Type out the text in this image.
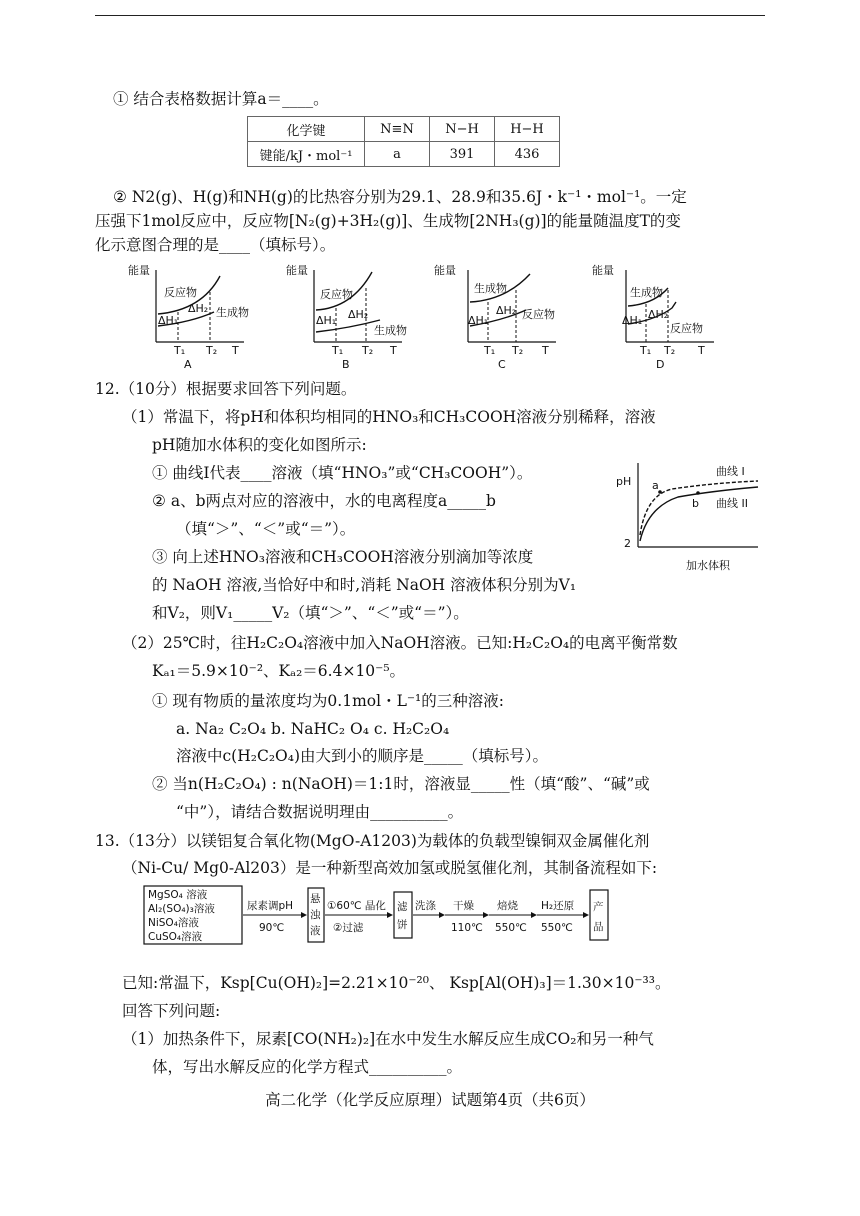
① 结合表格数据计算a＝____。
化学键	N≡N	N−H	H−H
键能/kJ・mol⁻¹	a	391	436
② N2(g)、H(g)和NH(g)的比热容分别为29.1、28.9和35.6J・k⁻¹・mol⁻¹。一定
压强下1mol反应中，反应物[N₂(g)+3H₂(g)]、生成物[2NH₃(g)]的能量随温度T的变
化示意图合理的是____（填标号）。
能量
反应物
生成物
ΔH₁
ΔH₂
T₁ T₂ T
A
能量
反应物
生成物
ΔH₁ ΔH₂
T₁ T₂ T
B
能量
生成物
反应物
ΔH₁
ΔH₂
T₁ T₂ T
C
能量
生成物
反应物
ΔH₁ ΔH₂
T₁ T₂ T
D
12.（10分）根据要求回答下列问题。
（1）常温下，将pH和体积均相同的HNO₃和CH₃COOH溶液分别稀释，溶液
pH随加水体积的变化如图所示:
① 曲线I代表____溶液（填“HNO₃”或“CH₃COOH”）。
② a、b两点对应的溶液中，水的电离程度a_____b
（填“＞”、“＜”或“＝”）。
③ 向上述HNO₃溶液和CH₃COOH溶液分别滴加等浓度
的 NaOH 溶液,当恰好中和时,消耗 NaOH 溶液体积分别为V₁
和V₂，则V₁_____V₂（填“＞”、“＜”或“＝”）。
pH
2
a
b
曲线 I
曲线 II
加水体积
（2）25℃时，往H₂C₂O₄溶液中加入NaOH溶液。已知:H₂C₂O₄的电离平衡常数
Kₐ₁＝5.9×10⁻²、Kₐ₂＝6.4×10⁻⁵。
① 现有物质的量浓度均为0.1mol・L⁻¹的三种溶液:
a. Na₂ C₂O₄ b. NaHC₂ O₄ c. H₂C₂O₄
溶液中c(H₂C₂O₄)由大到小的顺序是_____（填标号）。
② 当n(H₂C₂O₄) : n(NaOH)＝1:1时，溶液显_____性（填“酸”、“碱”或
“中”），请结合数据说明理由__________。
13.（13分）以镁铝复合氧化物(MgO-A1203)为载体的负载型镍铜双金属催化剂
（Ni-Cu/ Mg0-Al203）是一种新型高效加氢或脱氢催化剂，其制备流程如下:
MgSO₄ 溶液
Al₂(SO₄)₃溶液
NiSO₄溶液
CuSO₄溶液
尿素调pH
90℃
悬
浊
液
①60℃ 晶化
②过滤
滤
饼
洗涤 干燥
110℃
焙烧
550℃
H₂还原
550℃
产
品
已知:常温下，Ksp[Cu(OH)₂]=2.21×10⁻²⁰、 Ksp[Al(OH)₃]＝1.30×10⁻³³。
回答下列问题:
（1）加热条件下，尿素[CO(NH₂)₂]在水中发生水解反应生成CO₂和另一种气
体，写出水解反应的化学方程式__________。
高二化学（化学反应原理）试题第4页（共6页）
